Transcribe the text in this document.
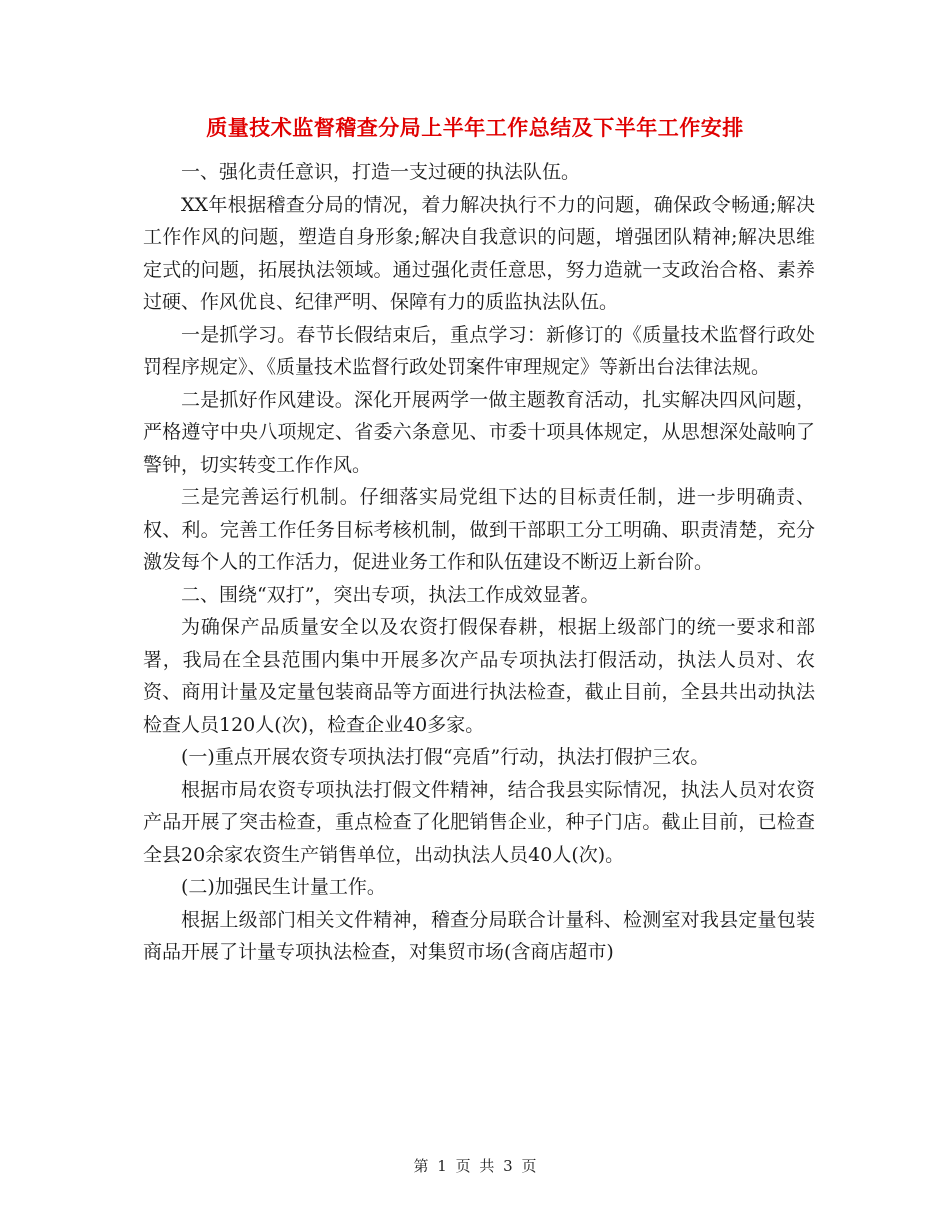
质量技术监督稽查分局上半年工作总结及下半年工作安排

一、强化责任意识，打造一支过硬的执法队伍。

XX年根据稽查分局的情况，着力解决执行不力的问题，确保政令畅通;解决工作作风的问题，塑造自身形象;解决自我意识的问题，增强团队精神;解决思维定式的问题，拓展执法领域。通过强化责任意思，努力造就一支政治合格、素养过硬、作风优良、纪律严明、保障有力的质监执法队伍。

一是抓学习。春节长假结束后，重点学习：新修订的《质量技术监督行政处罚程序规定》、《质量技术监督行政处罚案件审理规定》等新出台法律法规。

二是抓好作风建设。深化开展两学一做主题教育活动，扎实解决四风问题，严格遵守中央八项规定、省委六条意见、市委十项具体规定，从思想深处敲响了警钟，切实转变工作作风。

三是完善运行机制。仔细落实局党组下达的目标责任制，进一步明确责、权、利。完善工作任务目标考核机制，做到干部职工分工明确、职责清楚，充分激发每个人的工作活力，促进业务工作和队伍建设不断迈上新台阶。

二、围绕“双打”，突出专项，执法工作成效显著。

为确保产品质量安全以及农资打假保春耕，根据上级部门的统一要求和部署，我局在全县范围内集中开展多次产品专项执法打假活动，执法人员对、农资、商用计量及定量包装商品等方面进行执法检查，截止目前，全县共出动执法检查人员120人(次)，检查企业40多家。

(一)重点开展农资专项执法打假“亮盾”行动，执法打假护三农。

根据市局农资专项执法打假文件精神，结合我县实际情况，执法人员对农资产品开展了突击检查，重点检查了化肥销售企业，种子门店。截止目前，已检查全县20余家农资生产销售单位，出动执法人员40人(次)。

(二)加强民生计量工作。

根据上级部门相关文件精神，稽查分局联合计量科、检测室对我县定量包装商品开展了计量专项执法检查，对集贸市场(含商店超市)

第 1 页 共 3 页
